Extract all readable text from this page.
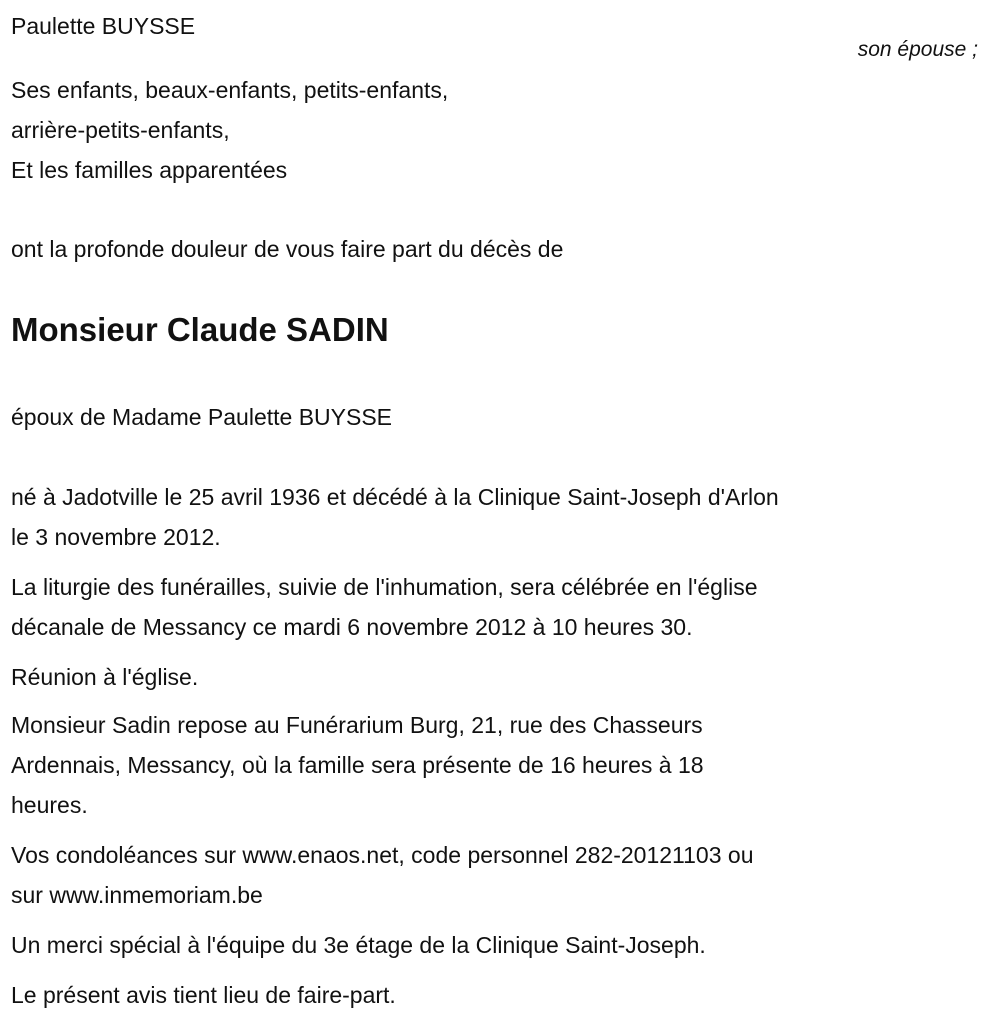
Paulette BUYSSE
son épouse ;
Ses enfants, beaux-enfants, petits-enfants,
arrière-petits-enfants,
Et les familles apparentées
ont la profonde douleur de vous faire part du décès de
Monsieur Claude SADIN
époux de Madame Paulette BUYSSE
né à Jadotville le 25 avril 1936 et décédé à la Clinique Saint-Joseph d'Arlon
le 3 novembre 2012.
La liturgie des funérailles, suivie de l'inhumation, sera célébrée en l'église
décanale de Messancy ce mardi 6 novembre 2012 à 10 heures 30.
Réunion à l'église.
Monsieur Sadin repose au Funérarium Burg, 21, rue des Chasseurs
Ardennais, Messancy, où la famille sera présente de 16 heures à 18
heures.
Vos condoléances sur www.enaos.net, code personnel 282-20121103 ou
sur www.inmemoriam.be
Un merci spécial à l'équipe du 3e étage de la Clinique Saint-Joseph.
Le présent avis tient lieu de faire-part.
